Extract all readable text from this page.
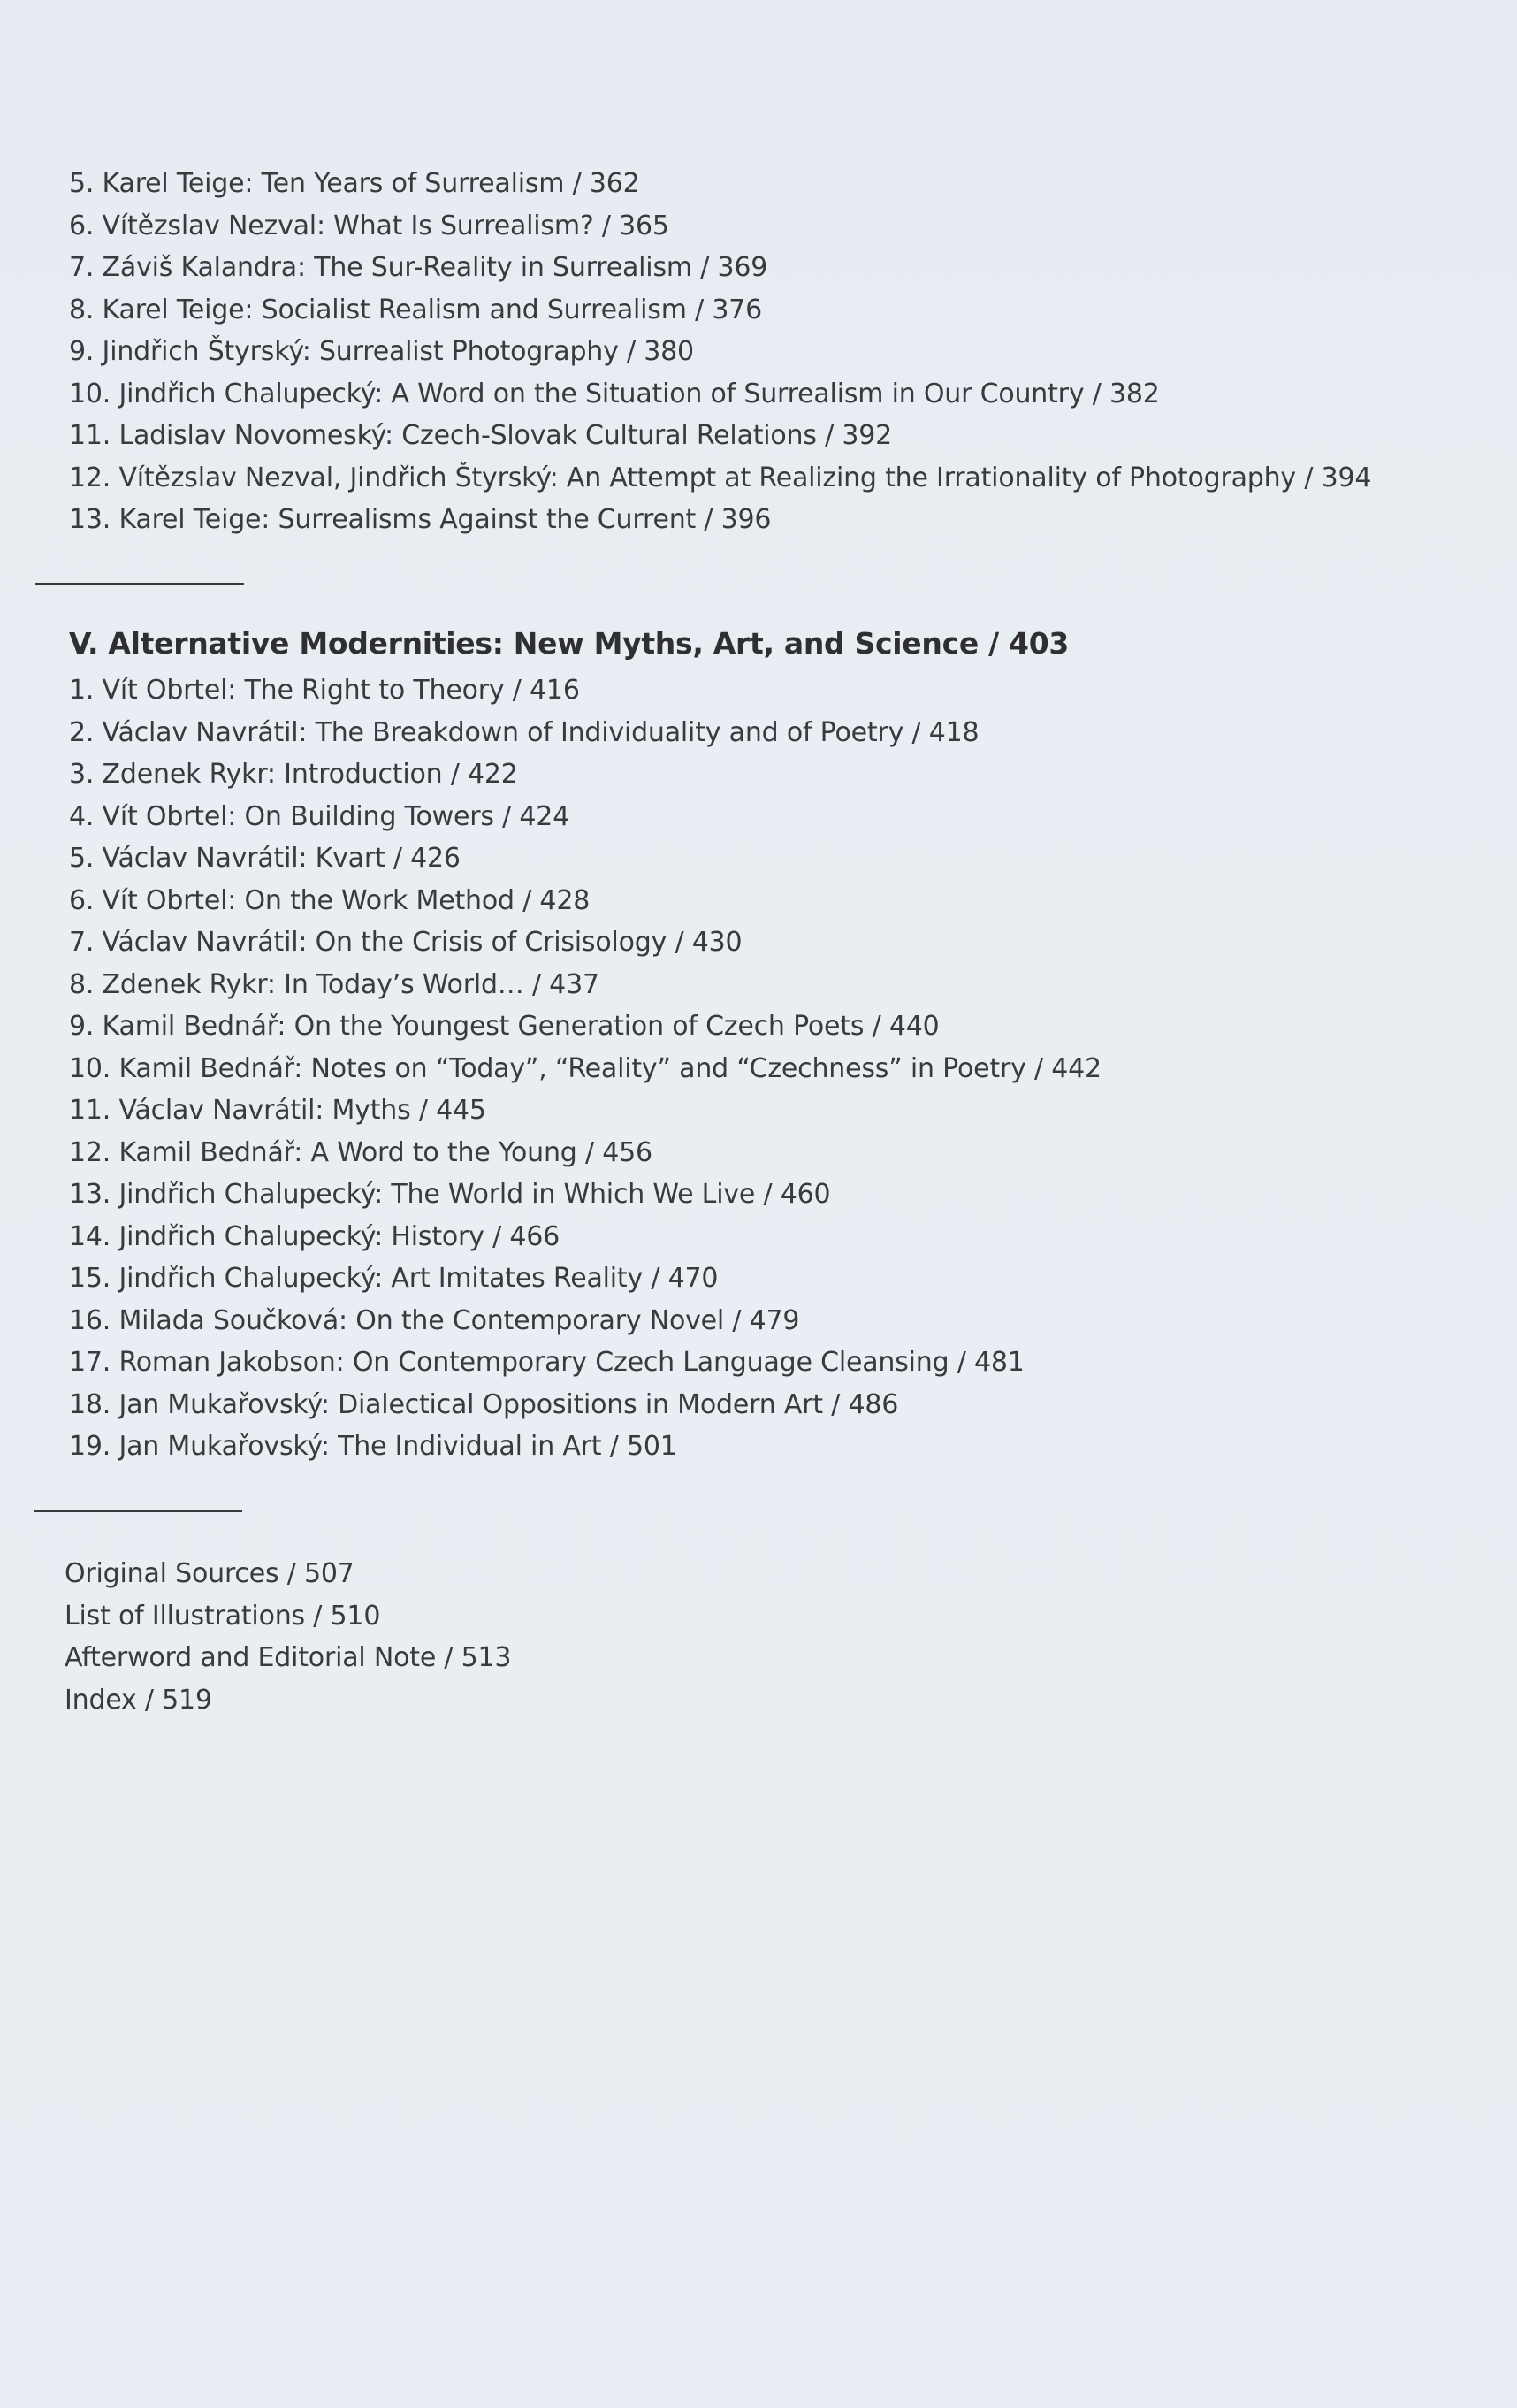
5. Karel Teige: Ten Years of Surrealism / 362
6. Vítězslav Nezval: What Is Surrealism? / 365
7. Záviš Kalandra: The Sur-Reality in Surrealism / 369
8. Karel Teige: Socialist Realism and Surrealism / 376
9. Jindřich Štyrský: Surrealist Photography / 380
10. Jindřich Chalupecký: A Word on the Situation of Surrealism in Our Country / 382
11. Ladislav Novomeský: Czech-Slovak Cultural Relations / 392
12. Vítězslav Nezval, Jindřich Štyrský: An Attempt at Realizing the Irrationality of Photography / 394
13. Karel Teige: Surrealisms Against the Current / 396
V. Alternative Modernities: New Myths, Art, and Science / 403
1. Vít Obrtel: The Right to Theory / 416
2. Václav Navrátil: The Breakdown of Individuality and of Poetry / 418
3. Zdenek Rykr: Introduction / 422
4. Vít Obrtel: On Building Towers / 424
5. Václav Navrátil: Kvart / 426
6. Vít Obrtel: On the Work Method / 428
7. Václav Navrátil: On the Crisis of Crisisology / 430
8. Zdenek Rykr: In Today’s World… / 437
9. Kamil Bednář: On the Youngest Generation of Czech Poets / 440
10. Kamil Bednář: Notes on “Today”, “Reality” and “Czechness” in Poetry / 442
11. Václav Navrátil: Myths / 445
12. Kamil Bednář: A Word to the Young / 456
13. Jindřich Chalupecký: The World in Which We Live / 460
14. Jindřich Chalupecký: History / 466
15. Jindřich Chalupecký: Art Imitates Reality / 470
16. Milada Součková: On the Contemporary Novel / 479
17. Roman Jakobson: On Contemporary Czech Language Cleansing / 481
18. Jan Mukařovský: Dialectical Oppositions in Modern Art / 486
19. Jan Mukařovský: The Individual in Art / 501
Original Sources / 507
List of Illustrations / 510
Afterword and Editorial Note / 513
Index / 519
